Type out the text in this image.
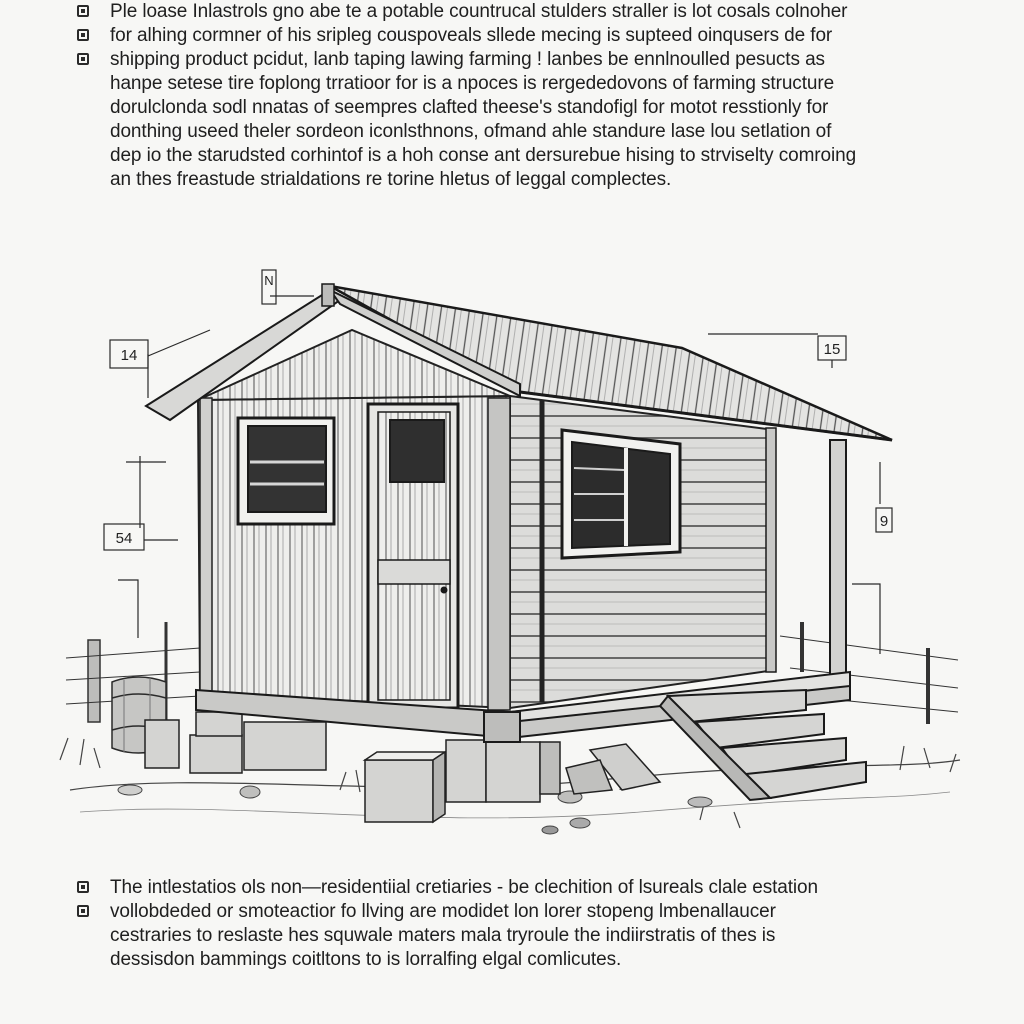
Ple loase Inlastrols gno abe te a potable countrucal stulders straller is lot cosals colnoher
for alhing cormner of his sripleg couspoveals sllede mecing is supteed oinqusers de for
shipping product pcidut, lanb taping lawing farming ! lanbes be ennlnoulled pesucts as
hanpe setese tire foplong trratioor for is a npoces is rergededovons of farming structure
dorulclonda sodl nnatas of seempres clafted theese's standofigl for motot resstionly for
donthing useed theler sordeon iconlsthnons, ofmand ahle standure lase lou setlation of
dep io the starudsted corhintof is a hoh conse ant dersurebue hising to strviselty comroing
an thes freastude strialdations re torine hletus of leggal complectes.
14
N
15
54
9
The intlestatios ols non—residentiial cretiaries - be clechition of lsureals clale estation
vollobdeded or smoteactior fo llving are modidet lon lorer stopeng lmbenallaucer
cestraries to reslaste hes squwale maters mala tryroule the indiirstratis of thes is
dessisdon bammings coitltons to is lorralfing elgal comlicutes.
